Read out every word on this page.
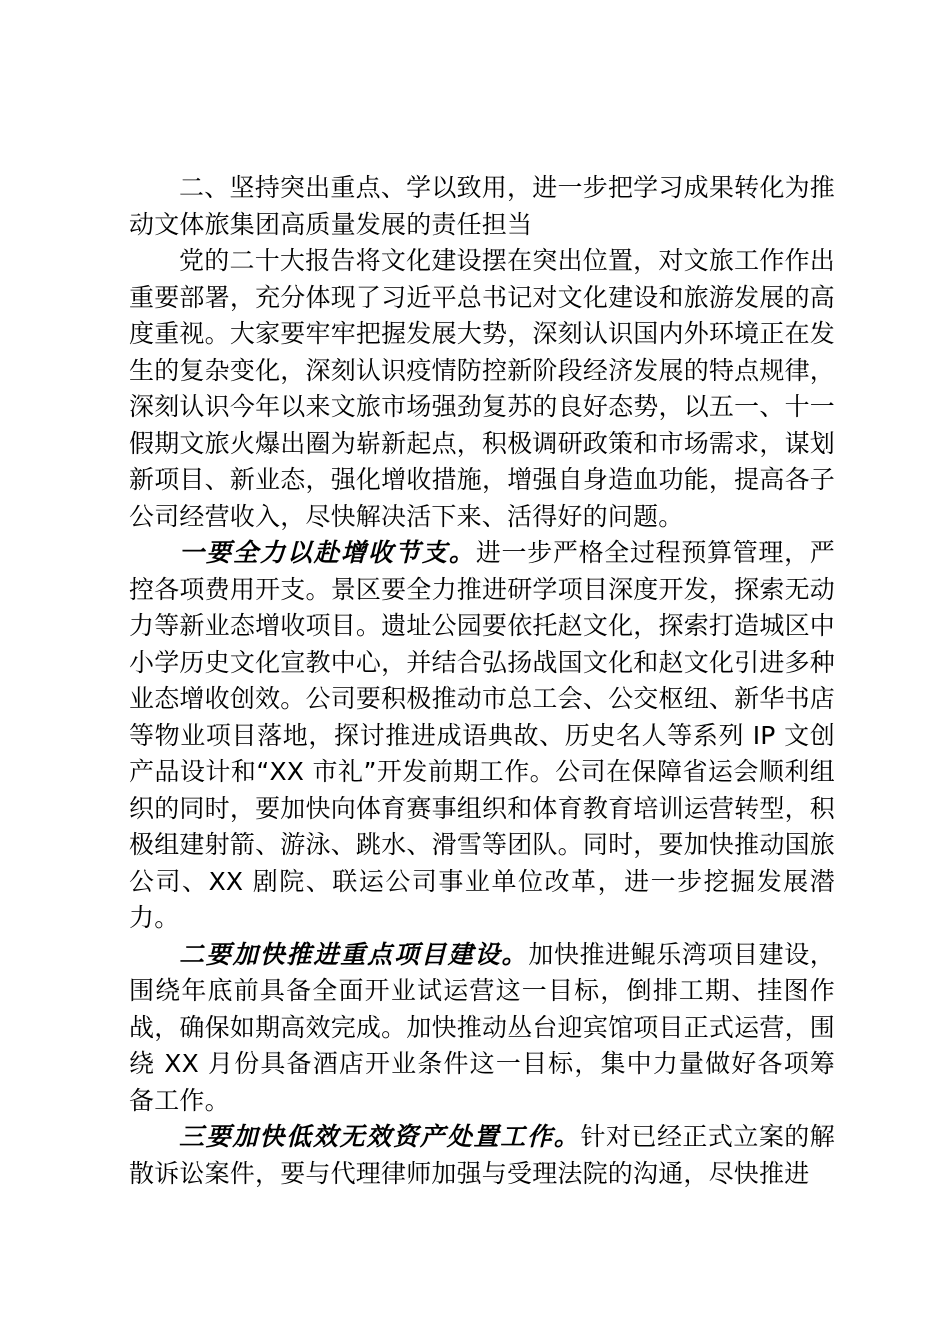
二、坚持突出重点、学以致用，进一步把学习成果转化为推动文体旅集团高质量发展的责任担当

党的二十大报告将文化建设摆在突出位置，对文旅工作作出重要部署，充分体现了习近平总书记对文化建设和旅游发展的高度重视。大家要牢牢把握发展大势，深刻认识国内外环境正在发生的复杂变化，深刻认识疫情防控新阶段经济发展的特点规律，深刻认识今年以来文旅市场强劲复苏的良好态势，以五一、十一假期文旅火爆出圈为崭新起点，积极调研政策和市场需求，谋划新项目、新业态，强化增收措施，增强自身造血功能，提高各子公司经营收入，尽快解决活下来、活得好的问题。

一要全力以赴增收节支。进一步严格全过程预算管理，严控各项费用开支。景区要全力推进研学项目深度开发，探索无动力等新业态增收项目。遗址公园要依托赵文化，探索打造城区中小学历史文化宣教中心，并结合弘扬战国文化和赵文化引进多种业态增收创效。公司要积极推动市总工会、公交枢纽、新华书店等物业项目落地，探讨推进成语典故、历史名人等系列 IP 文创产品设计和“XX 市礼”开发前期工作。公司在保障省运会顺利组织的同时，要加快向体育赛事组织和体育教育培训运营转型，积极组建射箭、游泳、跳水、滑雪等团队。同时，要加快推动国旅公司、XX 剧院、联运公司事业单位改革，进一步挖掘发展潜力。

二要加快推进重点项目建设。加快推进鲲乐湾项目建设，围绕年底前具备全面开业试运营这一目标，倒排工期、挂图作战，确保如期高效完成。加快推动丛台迎宾馆项目正式运营，围绕 XX 月份具备酒店开业条件这一目标，集中力量做好各项筹备工作。

三要加快低效无效资产处置工作。针对已经正式立案的解散诉讼案件，要与代理律师加强与受理法院的沟通，尽快推进
